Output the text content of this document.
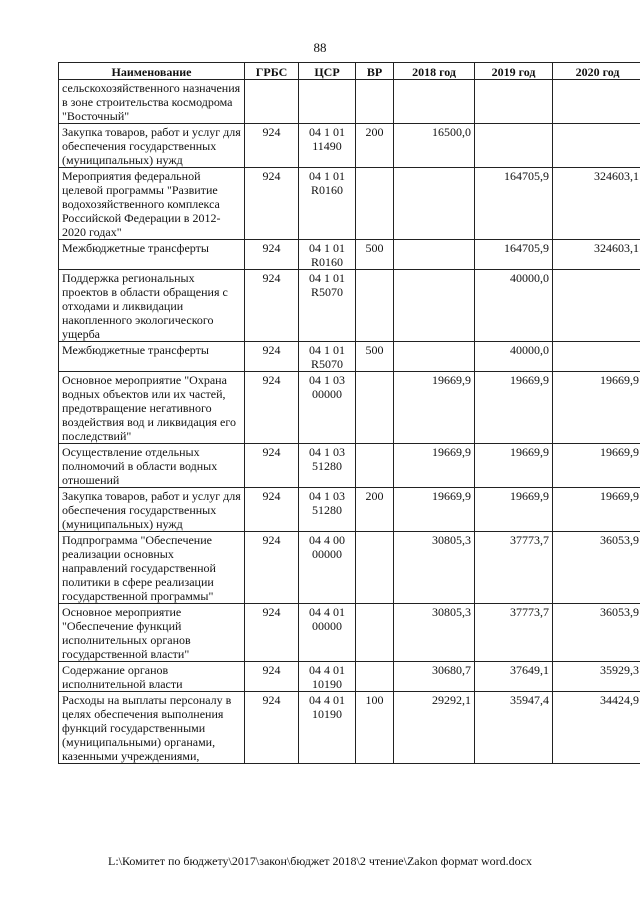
88
Наименование	ГРБС	ЦСР	ВР	2018 год	2019 год	2020 год
сельскохозяйственного назначения в зоне строительства космодрома "Восточный"						
Закупка товаров, работ и услуг для обеспечения государственных (муниципальных) нужд	924	04 1 01 11490	200	16500,0		
Мероприятия федеральной целевой программы "Развитие водохозяйственного комплекса Российской Федерации в 2012-2020 годах"	924	04 1 01 R0160			164705,9	324603,1
Межбюджетные трансферты	924	04 1 01 R0160	500		164705,9	324603,1
Поддержка региональных проектов в области обращения с отходами и ликвидации накопленного экологического ущерба	924	04 1 01 R5070			40000,0	
Межбюджетные трансферты	924	04 1 01 R5070	500		40000,0	
Основное мероприятие "Охрана водных объектов или их частей, предотвращение негативного воздействия вод и ликвидация его последствий"	924	04 1 03 00000		19669,9	19669,9	19669,9
Осуществление отдельных полномочий в области водных отношений	924	04 1 03 51280		19669,9	19669,9	19669,9
Закупка товаров, работ и услуг для обеспечения государственных (муниципальных) нужд	924	04 1 03 51280	200	19669,9	19669,9	19669,9
Подпрограмма "Обеспечение реализации основных направлений государственной политики в сфере реализации государственной программы"	924	04 4 00 00000		30805,3	37773,7	36053,9
Основное мероприятие "Обеспечение функций исполнительных органов государственной власти"	924	04 4 01 00000		30805,3	37773,7	36053,9
Содержание органов исполнительной власти	924	04 4 01 10190		30680,7	37649,1	35929,3
Расходы на выплаты персоналу в целях обеспечения выполнения функций государственными (муниципальными) органами, казенными учреждениями,	924	04 4 01 10190	100	29292,1	35947,4	34424,9
L:\Комитет по бюджету\2017\закон\бюджет 2018\2 чтение\Zakon формат word.docx
